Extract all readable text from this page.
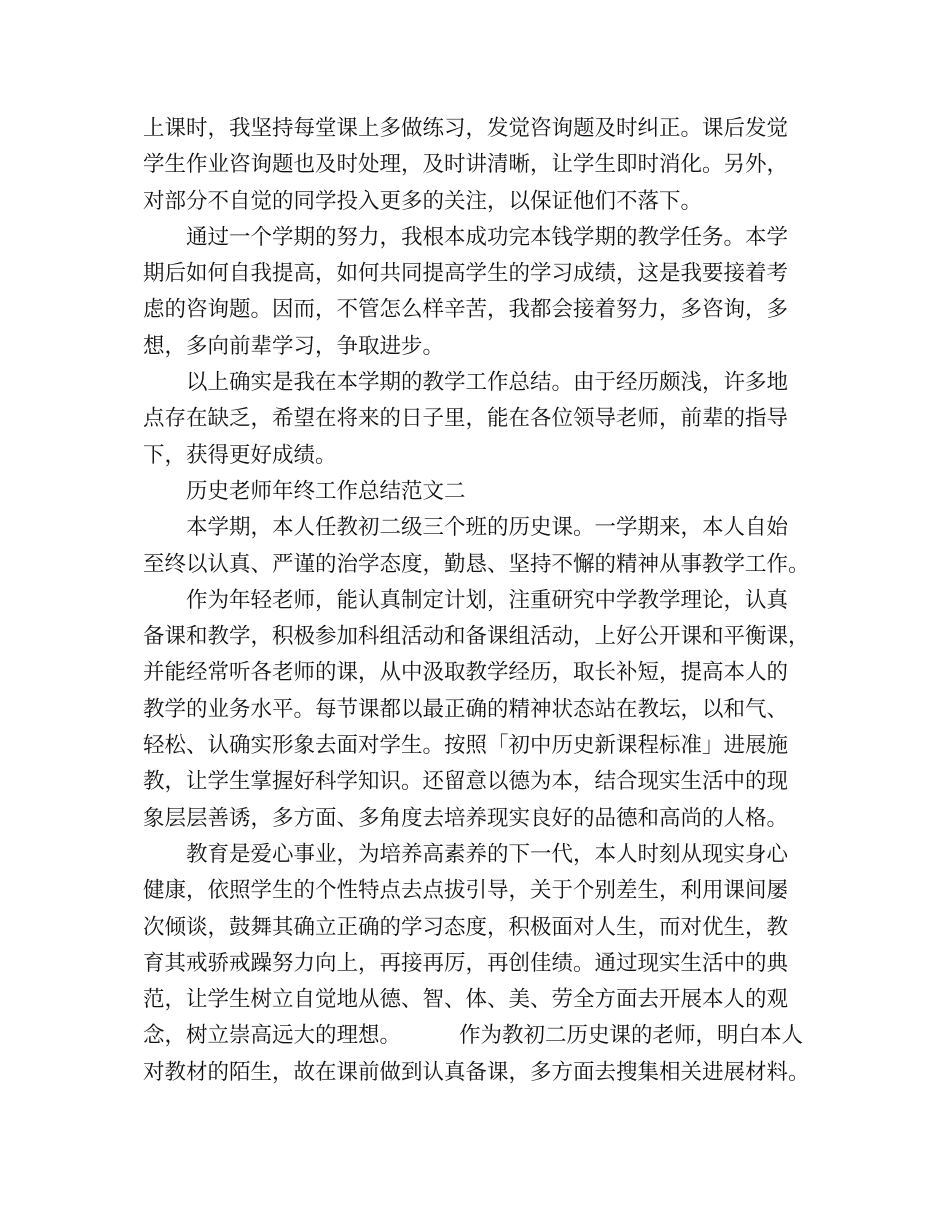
上课时，我坚持每堂课上多做练习，发觉咨询题及时纠正。课后发觉
学生作业咨询题也及时处理，及时讲清晰，让学生即时消化。另外，
对部分不自觉的同学投入更多的关注，以保证他们不落下。
通过一个学期的努力，我根本成功完本钱学期的教学任务。本学
期后如何自我提高，如何共同提高学生的学习成绩，这是我要接着考
虑的咨询题。因而，不管怎么样辛苦，我都会接着努力，多咨询，多
想，多向前辈学习，争取进步。
以上确实是我在本学期的教学工作总结。由于经历颇浅，许多地
点存在缺乏，希望在将来的日子里，能在各位领导老师，前辈的指导
下，获得更好成绩。
历史老师年终工作总结范文二
本学期，本人任教初二级三个班的历史课。一学期来，本人自始
至终以认真、严谨的治学态度，勤恳、坚持不懈的精神从事教学工作。
作为年轻老师，能认真制定计划，注重研究中学教学理论，认真
备课和教学，积极参加科组活动和备课组活动，上好公开课和平衡课，
并能经常听各老师的课，从中汲取教学经历，取长补短，提高本人的
教学的业务水平。每节课都以最正确的精神状态站在教坛，以和气、
轻松、认确实形象去面对学生。按照「初中历史新课程标准」进展施
教，让学生掌握好科学知识。还留意以德为本，结合现实生活中的现
象层层善诱，多方面、多角度去培养现实良好的品德和高尚的人格。
教育是爱心事业，为培养高素养的下一代，本人时刻从现实身心
健康，依照学生的个性特点去点拔引导，关于个别差生，利用课间屡
次倾谈，鼓舞其确立正确的学习态度，积极面对人生，而对优生，教
育其戒骄戒躁努力向上，再接再厉，再创佳绩。通过现实生活中的典
范，让学生树立自觉地从德、智、体、美、劳全方面去开展本人的观
念，树立崇高远大的理想。	作为教初二历史课的老师，明白本人
对教材的陌生，故在课前做到认真备课，多方面去搜集相关进展材料。
